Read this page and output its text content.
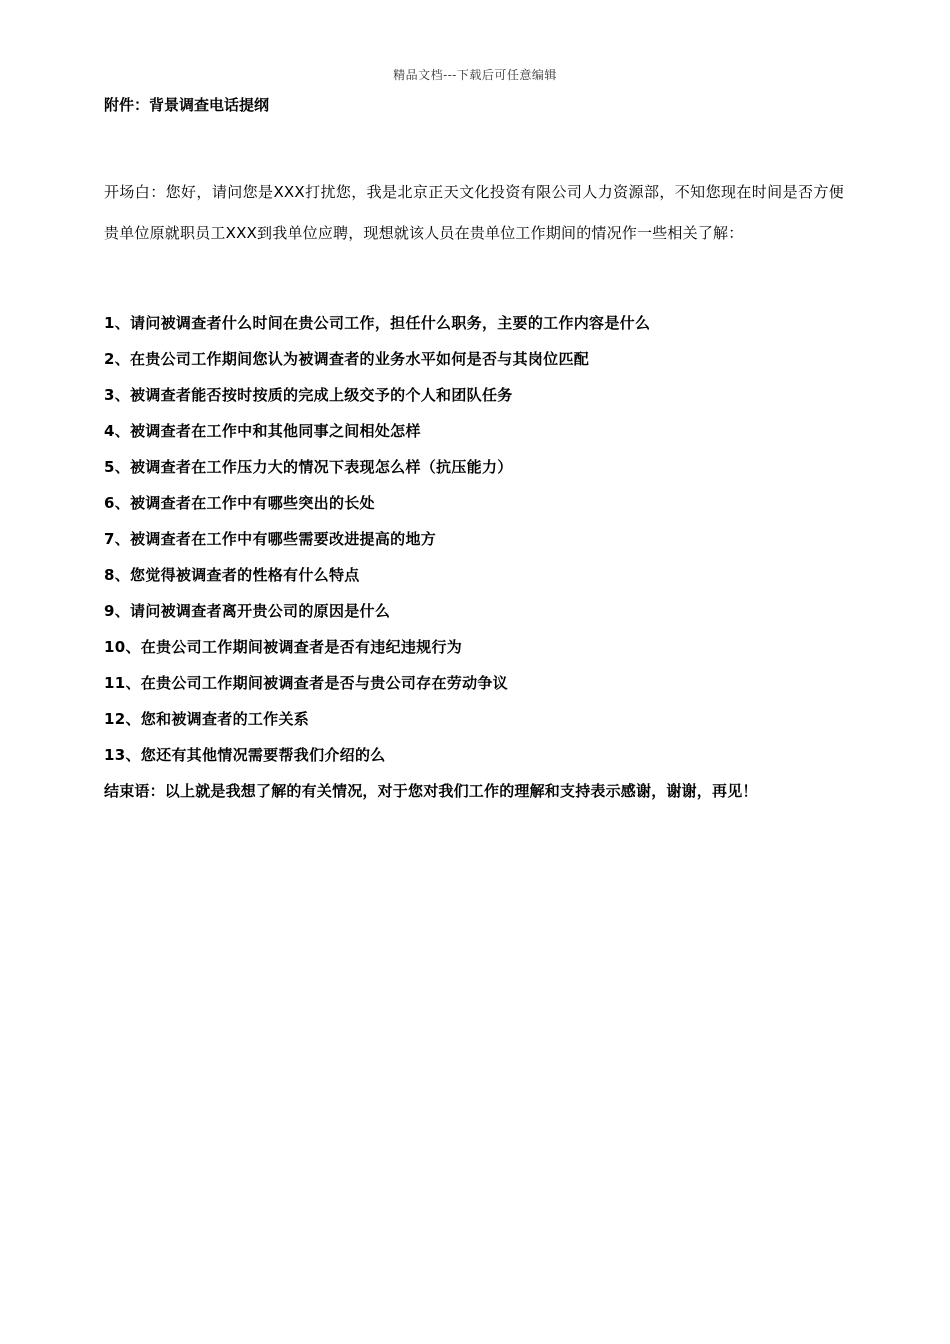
精品文档---下载后可任意编辑

附件：背景调查电话提纲

开场白：您好，请问您是XXX打扰您，我是北京正天文化投资有限公司人力资源部，不知您现在时间是否方便贵单位原就职员工XXX到我单位应聘，现想就该人员在贵单位工作期间的情况作一些相关了解：
1、请问被调查者什么时间在贵公司工作，担任什么职务，主要的工作内容是什么
2、在贵公司工作期间您认为被调查者的业务水平如何是否与其岗位匹配
3、被调查者能否按时按质的完成上级交予的个人和团队任务
4、被调查者在工作中和其他同事之间相处怎样
5、被调查者在工作压力大的情况下表现怎么样（抗压能力）
6、被调查者在工作中有哪些突出的长处
7、被调查者在工作中有哪些需要改进提高的地方
8、您觉得被调查者的性格有什么特点
9、请问被调查者离开贵公司的原因是什么
10、在贵公司工作期间被调查者是否有违纪违规行为
11、在贵公司工作期间被调查者是否与贵公司存在劳动争议
12、您和被调查者的工作关系
13、您还有其他情况需要帮我们介绍的么

结束语：以上就是我想了解的有关情况，对于您对我们工作的理解和支持表示感谢，谢谢，再见！
